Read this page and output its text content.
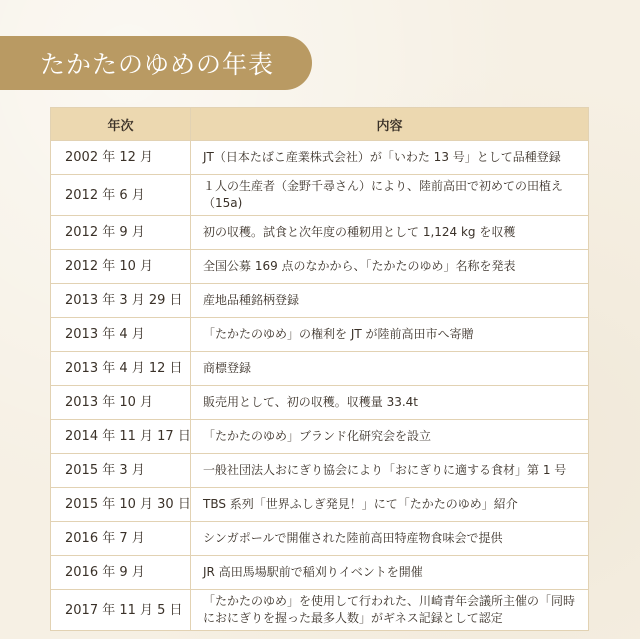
たかたのゆめの年表
年次	内容
2002 年 12 月	JT（日本たばこ産業株式会社）が「いわた 13 号」として品種登録
2012 年 6 月	１人の生産者（金野千尋さん）により、陸前高田で初めての田植え（15a)
2012 年 9 月	初の収穫。試食と次年度の種籾用として 1,124 kg を収穫
2012 年 10 月	全国公募 169 点のなかから、「たかたのゆめ」名称を発表
2013 年 3 月 29 日	産地品種銘柄登録
2013 年 4 月	「たかたのゆめ」の権利を JT が陸前高田市へ寄贈
2013 年 4 月 12 日	商標登録
2013 年 10 月	販売用として、初の収穫。収穫量 33.4t
2014 年 11 月 17 日	「たかたのゆめ」ブランド化研究会を設立
2015 年 3 月	一般社団法人おにぎり協会により「おにぎりに適する食材」第 1 号
2015 年 10 月 30 日	TBS 系列「世界ふしぎ発見！」にて「たかたのゆめ」紹介
2016 年 7 月	シンガポールで開催された陸前高田特産物食味会で提供
2016 年 9 月	JR 高田馬場駅前で稲刈りイベントを開催
2017 年 11 月 5 日	「たかたのゆめ」を使用して行われた、川崎青年会議所主催の「同時におにぎりを握った最多人数」がギネス記録として認定
